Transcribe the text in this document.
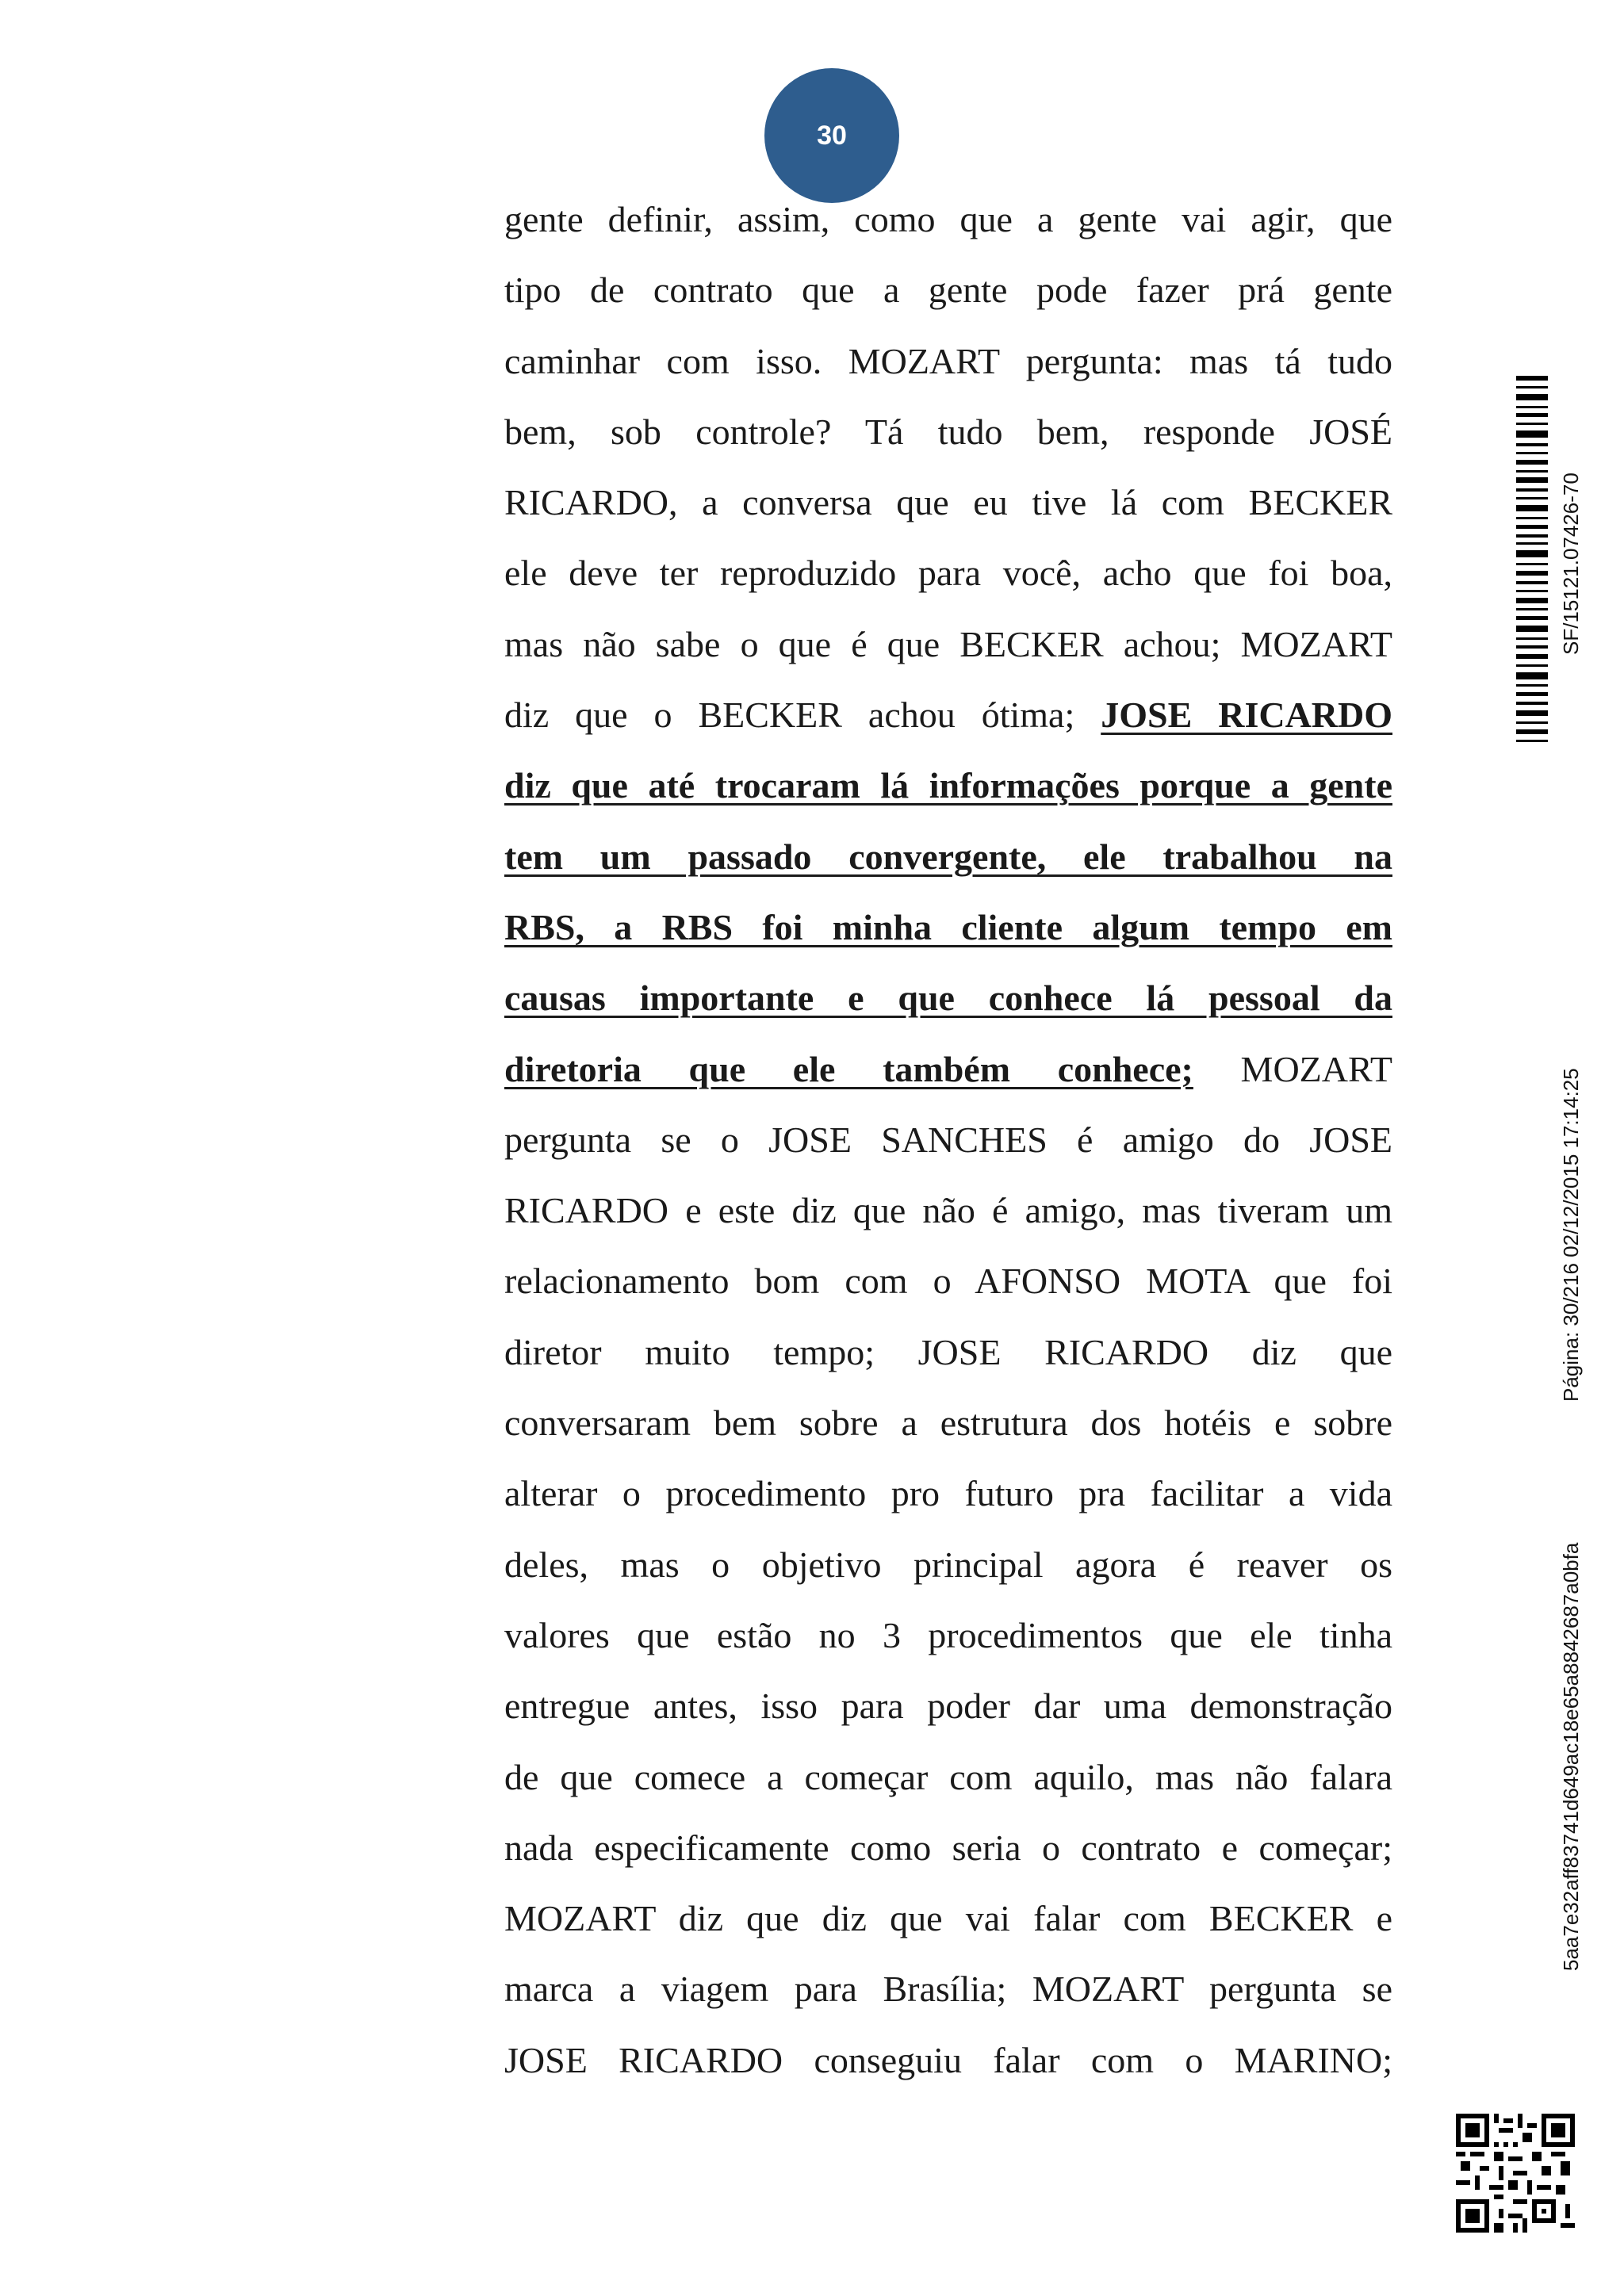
30
gente definir, assim, como que a gente vai agir, que
tipo de contrato que a gente pode fazer prá gente
caminhar com isso. MOZART pergunta: mas tá tudo
bem, sob controle? Tá tudo bem, responde JOSÉ
RICARDO, a conversa que eu tive lá com BECKER
ele deve ter reproduzido para você, acho que foi boa,
mas não sabe o que é que BECKER achou; MOZART
diz que o BECKER achou ótima; JOSE RICARDO
diz que até trocaram lá informações porque a gente
tem um passado convergente, ele trabalhou na
RBS, a RBS foi minha cliente algum tempo em
causas importante e que conhece lá pessoal da
diretoria que ele também conhece; MOZART
pergunta se o JOSE SANCHES é amigo do JOSE
RICARDO e este diz que não é amigo, mas tiveram um
relacionamento bom com o AFONSO MOTA que foi
diretor muito tempo; JOSE RICARDO diz que
conversaram bem sobre a estrutura dos hotéis e sobre
alterar o procedimento pro futuro pra facilitar a vida
deles, mas o objetivo principal agora é reaver os
valores que estão no 3 procedimentos que ele tinha
entregue antes, isso para poder dar uma demonstração
de que comece a começar com aquilo, mas não falara
nada especificamente como seria o contrato e começar;
MOZART diz que diz que vai falar com BECKER e
marca a viagem para Brasília; MOZART pergunta se
JOSE RICARDO conseguiu falar com o MARINO;
SF/15121.07426-70
Página: 30/216 02/12/2015 17:14:25
5aa7e32aff83741d649ac18e65a8842687a0bfa
